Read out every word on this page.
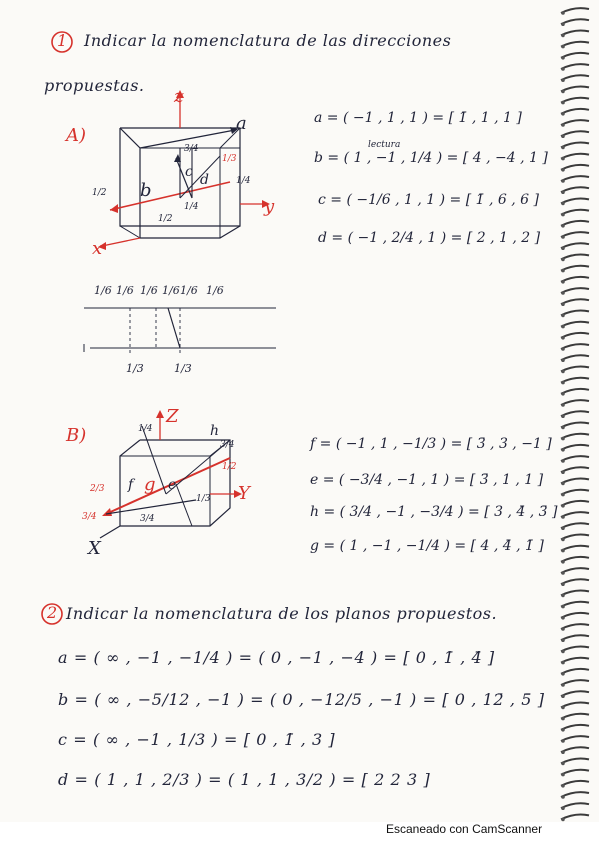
1 Indicar la nomenclatura de las direcciones
propuestas.
A)
z
y
x
a
b
c d
3/4
1/3
1/4
1/2
1/2
1/4
lectura
a = ( −1 , 1 , 1 ) = [ 1̄ , 1 , 1 ]
b = ( 1 , −1 , 1/4 ) = [ 4 , −4 , 1 ]
c = ( −1/6 , 1 , 1 ) = [ 1̄ , 6 , 6 ]
d = ( −1 , 2/4 , 1 ) = [ 2 , 1 , 2 ]
1/6 1/6 1/6 1/6 1/6 1/6
1/3	1/3
B)
Z
Y
X
1/4	h
3/4
1/2
2/3 f g e
1/3
3/4	3/4
f = ( −1 , 1 , −1/3 ) = [ 3̄ , 3 , −1 ]
e = ( −3/4 , −1 , 1 ) = [ 3̄ , 1 , 1 ]
h = ( 3/4 , −1 , −3/4 ) = [ 3 , 4̄ , 3̄ ]
g = ( 1 , −1 , −1/4 ) = [ 4 , 4̄ , 1̄ ]
2 Indicar la nomenclatura de los planos propuestos.
a = ( ∞ , −1 , −1/4 ) = ( 0 , −1 , −4 ) = [ 0 , 1̄ , 4̄ ]
b = ( ∞ , −5/12 , −1 ) = ( 0 , −12/5 , −1 ) = [ 0 , 12̄ , 5̄ ]
c = ( ∞ , −1 , 1/3 ) = [ 0 , 1̄ , 3 ]
d = ( 1 , 1 , 2/3 ) = ( 1 , 1 , 3/2 ) = [ 2 2 3 ]
Escaneado con CamScanner
